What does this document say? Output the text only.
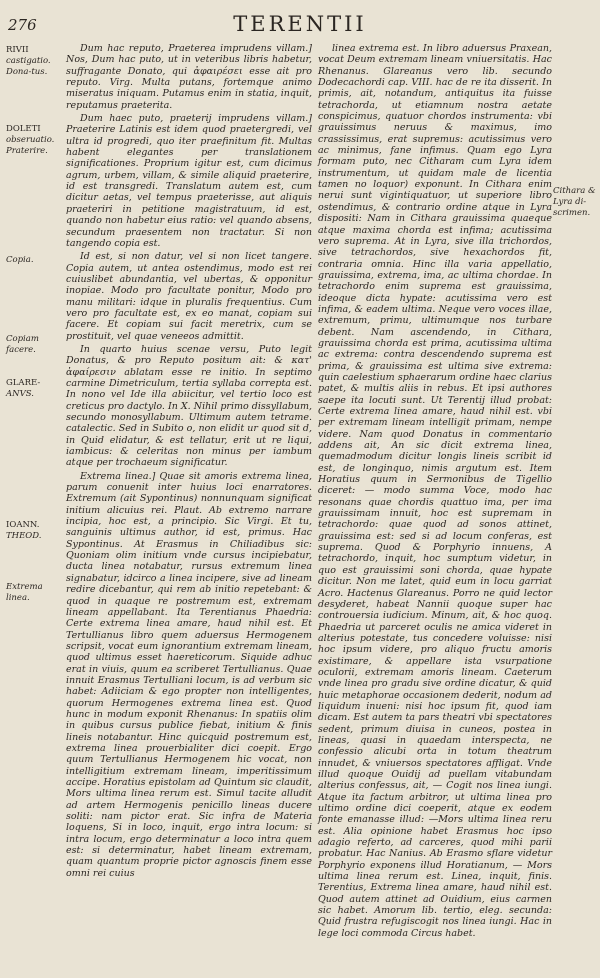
276	TERENTII
RIVII
castigatio. Dona-tus.
DOLETI
obseruatio. Praterire.
Copia.
Copiam facere.
GLARE-
ANVS.
IOANN.
THEOD.
Extrema linea.

Dum hac reputo, Praeterea imprudens villam.] Nos, Dum hac puto, ut in veteribus libris habetur, suffragante Donato, qui ἀφαιρέσει esse ait pro reputo. Virg. Multa putans, fortemque animo miseratus iniquam. Putamus enim in statia, inquit, reputamus praeterita.

Dum haec puto, praeterij imprudens villam.] Praeterire Latinis est idem quod praetergredi, vel ultra id progredi, quo iter praefinitum fit. Multas habent elegantes per translationem significationes. Proprium igitur est, cum dicimus agrum, urbem, villam, & simile aliquid praeterire, id est transgredi. Translatum autem est, cum dicitur aetas, vel tempus praeterisse, aut aliquis praeteriri in petitione magistratuum, id est, quando non habetur eius ratio: vel quando absens, secundum praesentem non tractatur. Si non tangendo copia est.

Id est, si non datur, vel si non licet tangere. Copia autem, ut antea ostendimus, modo est rei cuiuslibet abundantia, vel ubertas, & opponitur inopiae. Modo pro facultate ponitur, Modo pro manu militari: idque in pluralis frequentius. Cum vero pro facultate est, ex eo manat, copiam sui facere. Et copiam sui facit meretrix, cum se prostituit, vel quae veneeos admittit.

In quarto huius scenae versu, Puto legit Donatus, & pro Reputo positum ait: & κατ' ἀφαίρεσιν ablatam esse re initio. In septimo carmine Dimetriculum, tertia syllaba correpta est. In nono vel Ide illa abiicitur, vel tertio loco est creticus pro dactylo. In X. Nihil primo dissyllabum, secundo monosyllabum. Ultimum autem tetrame. catalectic. Sed in Subito o, non elidit ur quod sit d, in Quid elidatur, & est tellatur, erit ut re liqui, iambicus: & celeritas non minus per iambum atque per trochaeum significatur.

Extrema linea.] Quae sit amoris extrema linea, parum conuenit inter huius loci enarratores. Extremum (ait Sypontinus) nonnunquam significat initium alicuius rei. Plaut. Ab extremo narrare incipia, hoc est, a principio. Sic Virgi. Et tu, sanguinis ultimus author, id est, primus. Hac Sypontinus. At Erasmus in Chiliadibus sic: Quoniam olim initium vnde cursus incipiebatur, ducta linea notabatur, rursus extremum linea signabatur, idcirco a linea incipere, sive ad lineam redire dicebantur, qui rem ab initio repetebant: & quod in quaque re postremum est, extremam lineam appellabant. Ita Terentianus Phaedria: Certe extrema linea amare, haud nihil est. Et Tertullianus libro quem aduersus Hermogenem scripsit, vocat eum ignorantium extremam lineam, quod ultimus esset haereticorum. Siquide adhuc erat in viuis, quum ea scriberet Tertullianus. Quae innuit Erasmus Tertulliani locum, is ad verbum sic habet: Adiiciam & ego propter non intelligentes, quorum Hermogenes extrema linea est. Quod hunc in modum exponit Rhenanus: In spatiis olim in quibus cursus publice fiebat, initium & finis lineis notabantur. Hinc quicquid postremum est, extrema linea prouerbialiter dici coepit. Ergo quum Tertullianus Hermogenem hic vocat, non intelligitium extremam lineam, imperitissimum accipe. Horatius epistolam ad Quintum sic claudit, Mors ultima linea rerum est. Simul tacite alludit ad artem Hermogenis penicillo lineas ducere soliti: nam pictor erat. Sic infra de Materia loquens, Si in loco, inquit, ergo intra locum: si intra locum, ergo determinatur a loco intra quem est: si determinatur, habet lineam extremam, quam quantum proprie pictor agnoscis finem esse omni rei cuius

linea extrema est. In libro aduersus Praxean, vocat Deum extremam lineam vniuersitatis. Hac Rhenanus. Glareanus vero lib. secundo Dodecachordi cap. VIII. hac de re ita disserit. In primis, ait, notandum, antiquitus ita fuisse tetrachorda, ut etiamnum nostra aetate conspicimus, quatuor chordos instrumenta: vbi grauissimus neruus & maximus, imo crassissimus, erat supremus: acutissimus vero ac minimus, fane infimus. Quam ego Lyra formam puto, nec Citharam cum Lyra idem instrumentum, ut quidam male de licentia tamen no loquor) exponunt. In Cithara enim nerui sunt vigintiquatuor, ut superiore libro ostendimus, & contrario ordine atque in Lyra dispositi: Nam in Cithara grauissima quaeque atque maxima chorda est infima; acutissima vero suprema. At in Lyra, sive illa trichordos, sive tetrachordos, sive hexachordos fit, contraria omnia. Hinc illa varia appellatio, grauissima, extrema, ima, ac ultima chordae. In tetrachordo enim suprema est grauissima, ideoque dicta hypate: acutissima vero est infima, & eadem ultima. Neque vero voces illae, extremum, primu, ultimumque nos turbare debent. Nam ascendendo, in Cithara, grauissima chorda est prima, acutissima ultima ac extrema: contra descendendo suprema est prima, & grauissima est ultima sive extrema: quin caelestium sphaerarum ordine haec clarius patet, & multis aliis in rebus. Et ipsi authores saepe ita locuti sunt. Ut Terentij illud probat: Certe extrema linea amare, haud nihil est. vbi per extremam lineam intelligit primam, nempe videre. Nam quod Donatus in commentario addens ait, An sic dicit extrema linea, quemadmodum dicitur longis lineis scribit id est, de longinquo, nimis argutum est. Item Horatius quum in Sermonibus de Tigellio diceret: — modo summa Voce, modo hac resonans quae chordis quattuo ima, per ima grauissimam innuit, hoc est supremam in tetrachordo: quae quod ad sonos attinet, grauissima est: sed si ad locum conferas, est suprema. Quod & Porphyrio innuens, A tetrachordo, inquit, hoc sumptum videtur, in quo est grauissimi soni chorda, quae hypate dicitur. Non me latet, quid eum in locu garriat Acro. Hactenus Glareanus. Porro ne quid lector desyderet, habeat Nannii quoque super hac controuersia iudicium. Minum, ait, & hoc quoq. Phaedria ut parceret oculis ne amica videret in alterius potestate, tus concedere voluisse: nisi hoc ipsum videre, pro aliquo fructu amoris existimare, & appellare ista vsurpatione oculorii, extremam amoris lineam. Caeterum vnde linea pro gradu sive ordine dicatur, & quid huic metaphorae occasionem dederit, nodum ad liquidum inueni: nisi hoc ipsum fit, quod iam dicam. Est autem ta pars theatri vbi spectatores sedent, primum diuisa in cuneos, postea in lineas, quasi in quaedam interspecta, ne confessio alicubi orta in totum theatrum innudet, & vniuersos spectatores affligat. Vnde illud quoque Ouidij ad puellam vitabundam alterius confessus, ait, — Cogit nos linea iungi. Atque ita factum arbitror, ut ultima linea pro ultimo ordine dici coeperit, atque ex eodem fonte emanasse illud: —Mors ultima linea reru est. Alia opinione habet Erasmus hoc ipso adagio referto, ad carceres, quod mihi parii probatur. Hac Nanius. Ab Erasmo sflare videtur Porphyrio exponens illud Horatianum, — Mors ultima linea rerum est. Linea, inquit, finis. Terentius, Extrema linea amare, haud nihil est. Quod autem attinet ad Ouidium, eius carmen sic habet. Amorum lib. tertio, eleg. secunda: Quid frustra refugiscogit nos linea iungi. Hac in lege loci commoda Circus habet.

Cithara & Lyra di-scrimen.
